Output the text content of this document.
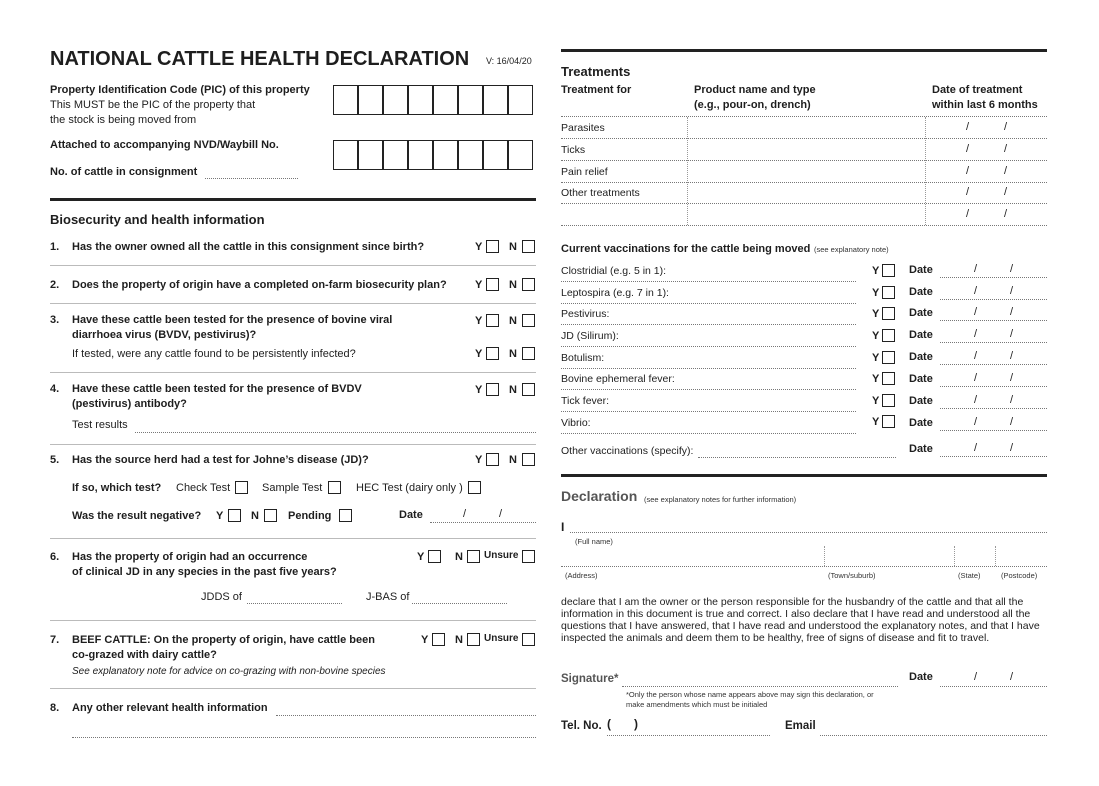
NATIONAL CATTLE HEALTH DECLARATION V: 16/04/20
Property Identification Code (PIC) of this property
This MUST be the PIC of the property that
the stock is being moved from
Attached to accompanying NVD/Waybill No.
No. of cattle in consignment
Biosecurity and health information
1. Has the owner owned all the cattle in this consignment since birth?	Y N
2. Does the property of origin have a completed on-farm biosecurity plan?	Y N
3. Have these cattle been tested for the presence of bovine viral
diarrhoea virus (BVDV, pestivirus)?
Y N
If tested, were any cattle found to be persistently infected?	Y N
4. Have these cattle been tested for the presence of BVDV
(pestivirus) antibody?
Y N
Test results
5. Has the source herd had a test for Johne’s disease (JD)?	Y N
If so, which test? Check Test	Sample Test	HEC Test (dairy only )
Was the result negative? Y	N	Pending	Date	/	/
6. Has the property of origin had an occurrence
of clinical JD in any species in the past five years?
Y	N Unsure
JDDS of	J-BAS of
7. BEEF CATTLE: On the property of origin, have cattle been
co-grazed with dairy cattle?
See explanatory note for advice on co-grazing with non-bovine species
Y N Unsure
8. Any other relevant health information
Treatments
Treatment for	Product name and type
(e.g., pour-on, drench)
Date of treatment
within last 6 months
Parasites	/	/
Ticks	/	/
Pain relief	/	/
Other treatments	/	/
/	/
Current vaccinations for the cattle being moved (see explanatory note)
Clostridial (e.g. 5 in 1):	Y	Date	/	/
Leptospira (e.g. 7 in 1):	Y	Date	/	/
Pestivirus:	Y	Date	/	/
JD (Silirum):	Y	Date	/	/
Botulism:	Y	Date	/	/
Bovine ephemeral fever:	Y	Date	/	/
Tick fever:	Y	Date	/	/
Vibrio:	Y	Date	/	/
Other vaccinations (specify):	Date	/	/
Declaration (see explanatory notes for further information)
I
(Full name)
(Address)	(Town/suburb)	(State)	(Postcode)
declare that I am the owner or the person responsible for the husbandry of the cattle and that all the
information in this document is true and correct. I also declare that I have read and understood all the
questions that I have answered, that I have read and understood the explanatory notes, and that I have
inspected the animals and deem them to be healthy, free of signs of disease and fit to travel.
Signature*
*Only the person whose name appears above may sign this declaration, or
make amendments which must be initialed
Date	/	/
Tel. No. ( )	Email
